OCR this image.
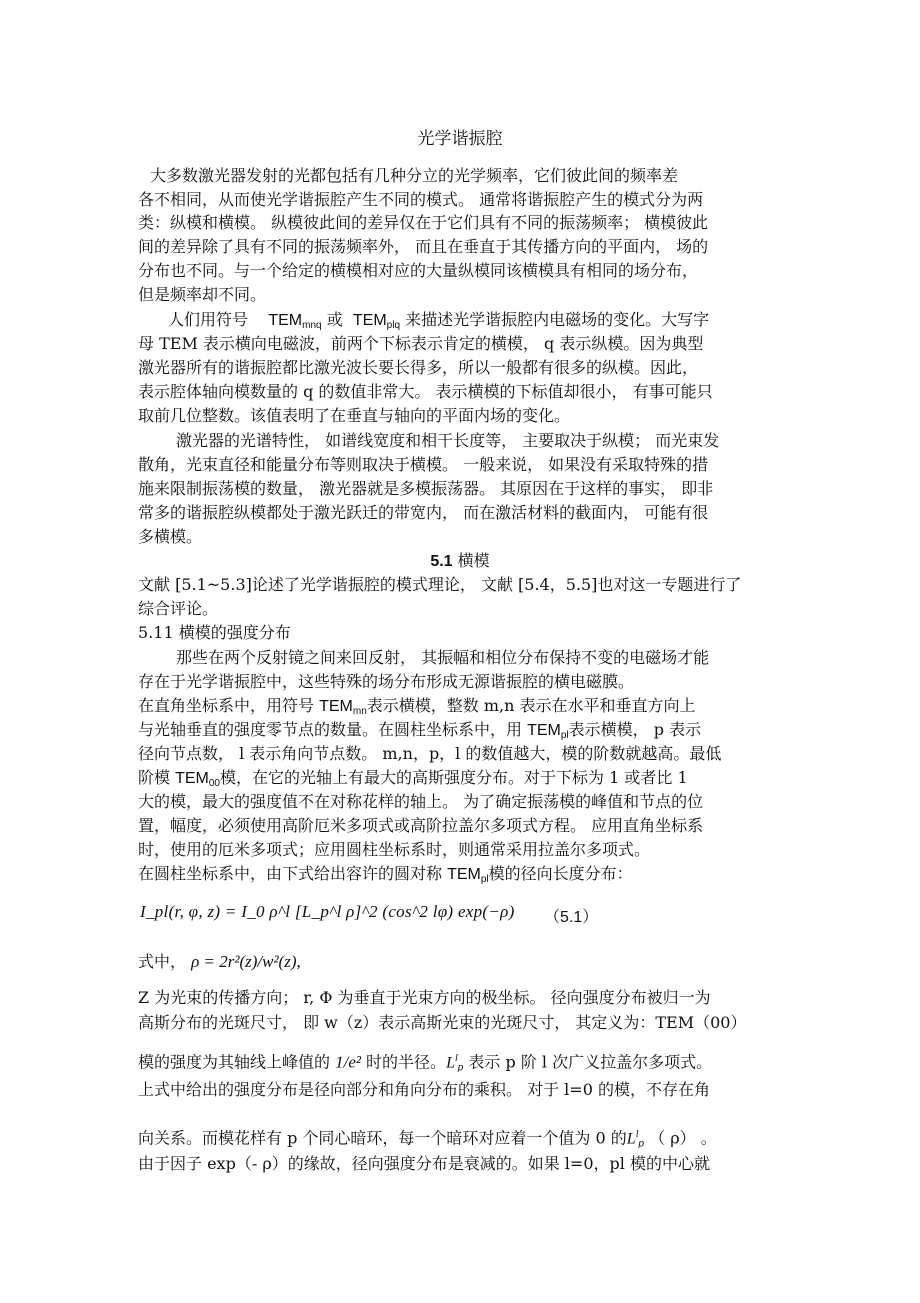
光学谐振腔
大多数激光器发射的光都包括有几种分立的光学频率，它们彼此间的频率差
各不相同，从而使光学谐振腔产生不同的模式。 通常将谐振腔产生的模式分为两
类：纵模和横模。 纵模彼此间的差异仅在于它们具有不同的振荡频率； 横模彼此
间的差异除了具有不同的振荡频率外， 而且在垂直于其传播方向的平面内， 场的
分布也不同。与一个给定的横模相对应的大量纵模同该横模具有相同的场分布，
但是频率却不同。
人们用符号 $TEM_{mnq}$ 或 $TEM_{plq}$ 来描述光学谐振腔内电磁场的变化。大写字
母 TEM 表示横向电磁波，前两个下标表示肯定的横模， q 表示纵模。因为典型
激光器所有的谐振腔都比激光波长要长得多，所以一般都有很多的纵模。因此，
表示腔体轴向模数量的 q 的数值非常大。 表示横模的下标值却很小， 有事可能只
取前几位整数。该值表明了在垂直与轴向的平面内场的变化。
激光器的光谱特性， 如谱线宽度和相干长度等， 主要取决于纵模； 而光束发
散角，光束直径和能量分布等则取决于横模。 一般来说， 如果没有采取特殊的措
施来限制振荡模的数量， 激光器就是多模振荡器。 其原因在于这样的事实， 即非
常多的谐振腔纵模都处于激光跃迁的带宽内， 而在激活材料的截面内， 可能有很
多横模。
5.1 横模
文献 [5.1~5.3]论述了光学谐振腔的模式理论， 文献 [5.4，5.5]也对这一专题进行了
综合评论。
5.11 横模的强度分布
那些在两个反射镜之间来回反射， 其振幅和相位分布保持不变的电磁场才能
存在于光学谐振腔中，这些特殊的场分布形成无源谐振腔的横电磁膜。
在直角坐标系中，用符号 $TEM_{mn}$表示横模，整数 m,n 表示在水平和垂直方向上
与光轴垂直的强度零节点的数量。在圆柱坐标系中，用 $TEM_{pl}$表示横模， p 表示
径向节点数， l 表示角向节点数。 m,n，p，l 的数值越大，模的阶数就越高。最低
阶模 $TEM_{00}$模，在它的光轴上有最大的高斯强度分布。对于下标为 1 或者比 1
大的模，最大的强度值不在对称花样的轴上。 为了确定振荡模的峰值和节点的位
置，幅度，必须使用高阶厄米多项式或高阶拉盖尔多项式方程。 应用直角坐标系
时，使用的厄米多项式；应用圆柱坐标系时，则通常采用拉盖尔多项式。
在圆柱坐标系中，由下式给出容许的圆对称 $TEM_{pl}$模的径向长度分布：
I_pl(r, φ, z) = I_0 ρ^l [L_p^l ρ]^2 (cos^2 lφ) exp(−ρ)	（5.1）
式中， ρ = 2r²(z)/w²(z),
Z 为光束的传播方向； r, Φ 为垂直于光束方向的极坐标。 径向强度分布被归一为
高斯分布的光斑尺寸， 即 w（z）表示高斯光束的光斑尺寸， 其定义为：TEM（00）
模的强度为其轴线上峰值的 1/e² 时的半径。$L^l_p$ 表示 p 阶 l 次广义拉盖尔多项式。
上式中给出的强度分布是径向部分和角向分布的乘积。 对于 l=0 的模，不存在角
向关系。而模花样有 p 个同心暗环，每一个暗环对应着一个值为 0 的$L^l_p$ （ ρ） 。
由于因子 exp（- ρ）的缘故，径向强度分布是衰减的。如果 l=0，pl 模的中心就
